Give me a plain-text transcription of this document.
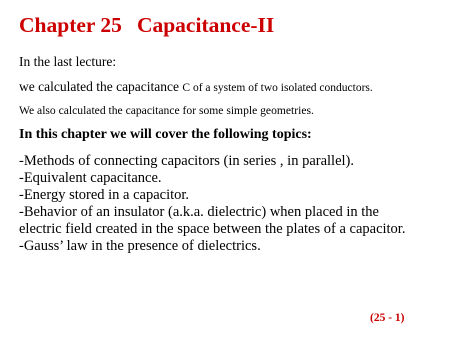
Chapter 25 Capacitance-II
In the last lecture:
we calculated the capacitance C of a system of two isolated conductors.
We also calculated the capacitance for some simple geometries.
In this chapter we will cover the following topics:
-Methods of connecting capacitors (in series , in parallel).
-Equivalent capacitance.
-Energy stored in a capacitor.
-Behavior of an insulator (a.k.a. dielectric) when placed in the
electric field created in the space between the plates of a capacitor.
-Gauss’ law in the presence of dielectrics.
(25 - 1)
